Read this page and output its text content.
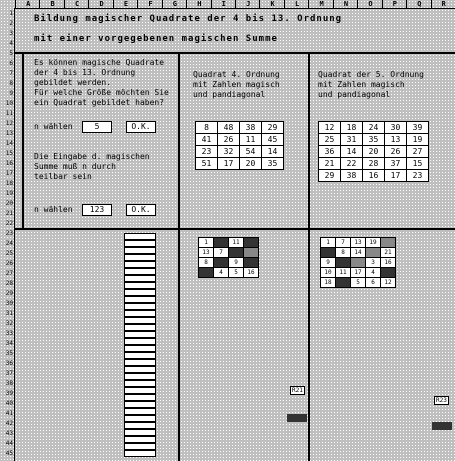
A	B	C	D	E	F	G	H	I	J	K	L	M	N	O	P	Q	R
1
2
3
4
5
6
7
8
9
10
11
12
13
14
15
16
17
18
19
20
21
22
23
24
25
26
27
28
29
30
31
32
33
34
35
36
37
38
39
40
41
42
43
44
45
Bildung magischer Quadrate der 4 bis 13. Ordnung
mit einer vorgegebenen magischen Summe
Es können magische Quadrate
der 4 bis 13. Ordnung
gebildet werden.
Für welche Größe möchten Sie
ein Quadrat gebildet haben?
n wählen	5	O.K.
Die Eingabe d. magischen
Summe muß n durch
teilbar sein
n wählen	123	O.K.
Quadrat 4. Ordnung
mit Zahlen magisch
und pandiagonal
8	48	38	29
41	26	11	45
23	32	54	14
51	17	20	35
Quadrat der 5. Ordnung
mit Zahlen magisch
und pandiagonal
12	18	24	30	39
25	31	35	13	19
36	14	20	26	27
21	22	28	37	15
29	38	16	17	23
1		11	
13	7		
8		9	
	4	5	16
1	7	13	19	
	8	14		21
9			3	16
10	11	17	4	
18		5	6	12
R21
R23
